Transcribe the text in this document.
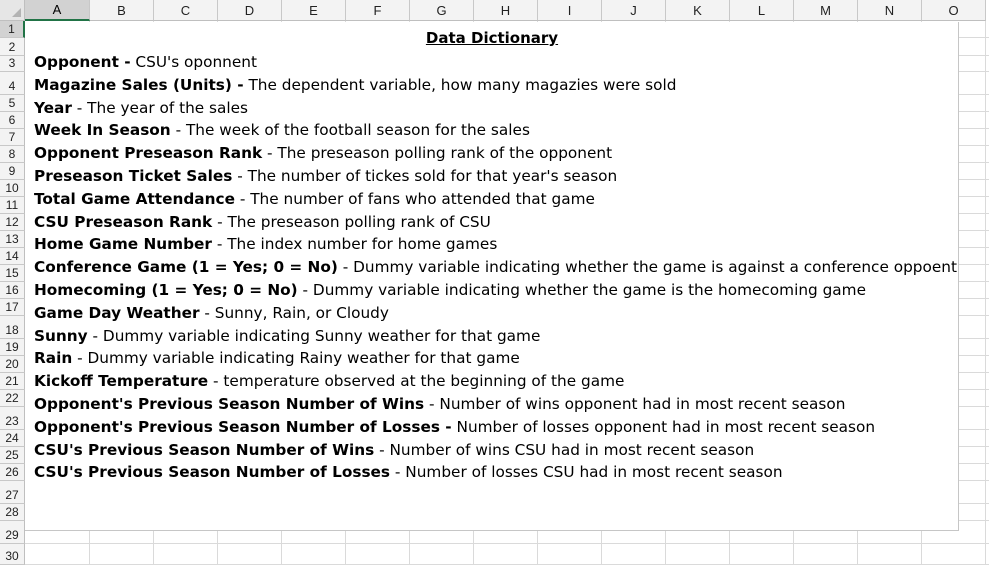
A	B	C	D	E	F	G	H	I	J	K	L	M	N	O
1
2
3
4
5
6
7
8
9
10
11
12
13
14
15
16
17
18
19
20
21
22
23
24
25
26
27
28
29
30
Data Dictionary
Opponent - CSU's oponnent
Magazine Sales (Units) - The dependent variable, how many magazies were sold
Year - The year of the sales
Week In Season - The week of the football season for the sales
Opponent Preseason Rank - The preseason polling rank of the opponent
Preseason Ticket Sales - The number of tickes sold for that year's season
Total Game Attendance - The number of fans who attended that game
CSU Preseason Rank - The preseason polling rank of CSU
Home Game Number - The index number for home games
Conference Game (1 = Yes; 0 = No) - Dummy variable indicating whether the game is against a conference oppoent
Homecoming (1 = Yes; 0 = No) - Dummy variable indicating whether the game is the homecoming game
Game Day Weather - Sunny, Rain, or Cloudy
Sunny - Dummy variable indicating Sunny weather for that game
Rain - Dummy variable indicating Rainy weather for that game
Kickoff Temperature - temperature observed at the beginning of the game
Opponent's Previous Season Number of Wins - Number of wins opponent had in most recent season
Opponent's Previous Season Number of Losses - Number of losses opponent had in most recent season
CSU's Previous Season Number of Wins - Number of wins CSU had in most recent season
CSU's Previous Season Number of Losses - Number of losses CSU had in most recent season
